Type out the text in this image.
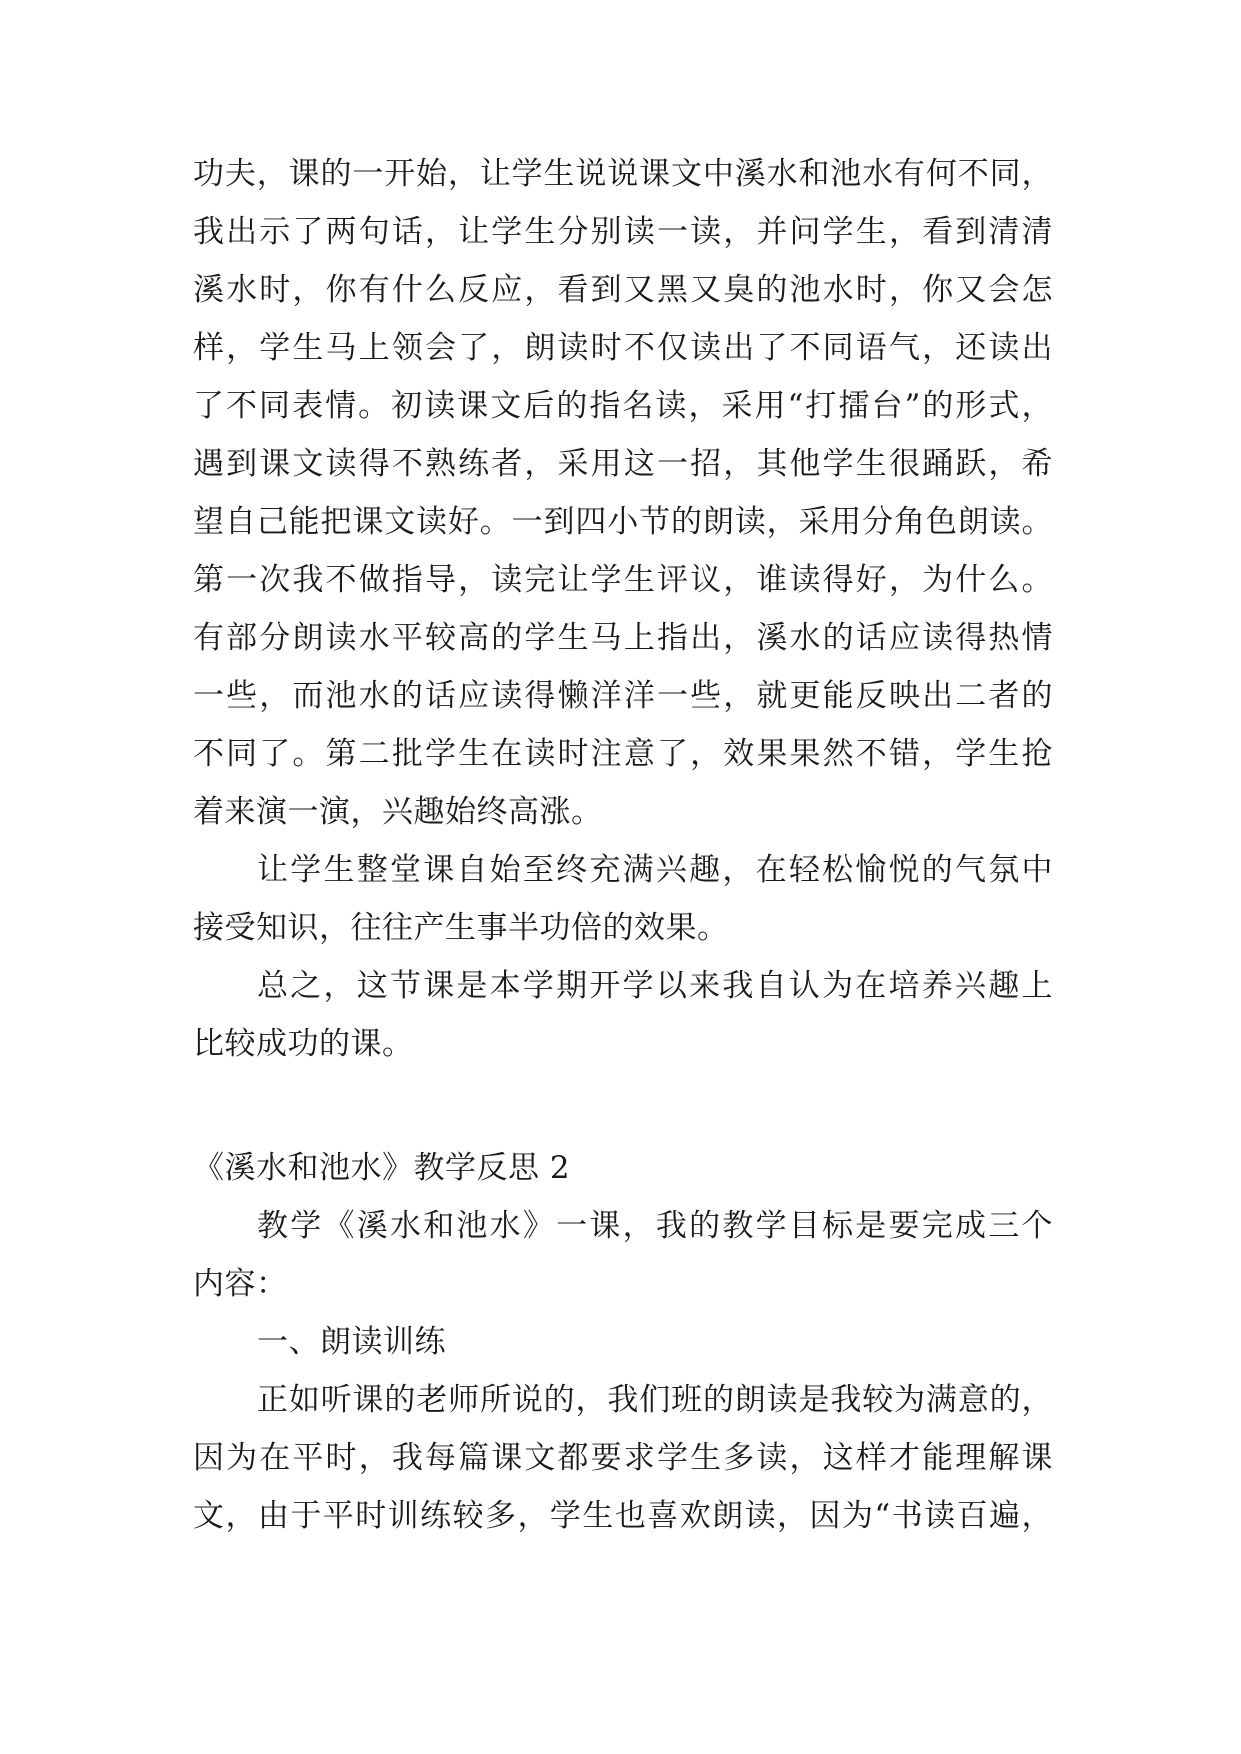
功夫，课的一开始，让学生说说课文中溪水和池水有何不同，
我出示了两句话，让学生分别读一读，并问学生，看到清清
溪水时，你有什么反应，看到又黑又臭的池水时，你又会怎
样，学生马上领会了，朗读时不仅读出了不同语气，还读出
了不同表情。初读课文后的指名读，采用“打擂台”的形式，
遇到课文读得不熟练者，采用这一招，其他学生很踊跃，希
望自己能把课文读好。一到四小节的朗读，采用分角色朗读。
第一次我不做指导，读完让学生评议，谁读得好，为什么。
有部分朗读水平较高的学生马上指出，溪水的话应读得热情
一些，而池水的话应读得懒洋洋一些，就更能反映出二者的
不同了。第二批学生在读时注意了，效果果然不错，学生抢
着来演一演，兴趣始终高涨。
让学生整堂课自始至终充满兴趣，在轻松愉悦的气氛中
接受知识，往往产生事半功倍的效果。
总之，这节课是本学期开学以来我自认为在培养兴趣上
比较成功的课。
《溪水和池水》教学反思 2
教学《溪水和池水》一课，我的教学目标是要完成三个
内容：
一、朗读训练
正如听课的老师所说的，我们班的朗读是我较为满意的，
因为在平时，我每篇课文都要求学生多读，这样才能理解课
文，由于平时训练较多，学生也喜欢朗读，因为“书读百遍，
